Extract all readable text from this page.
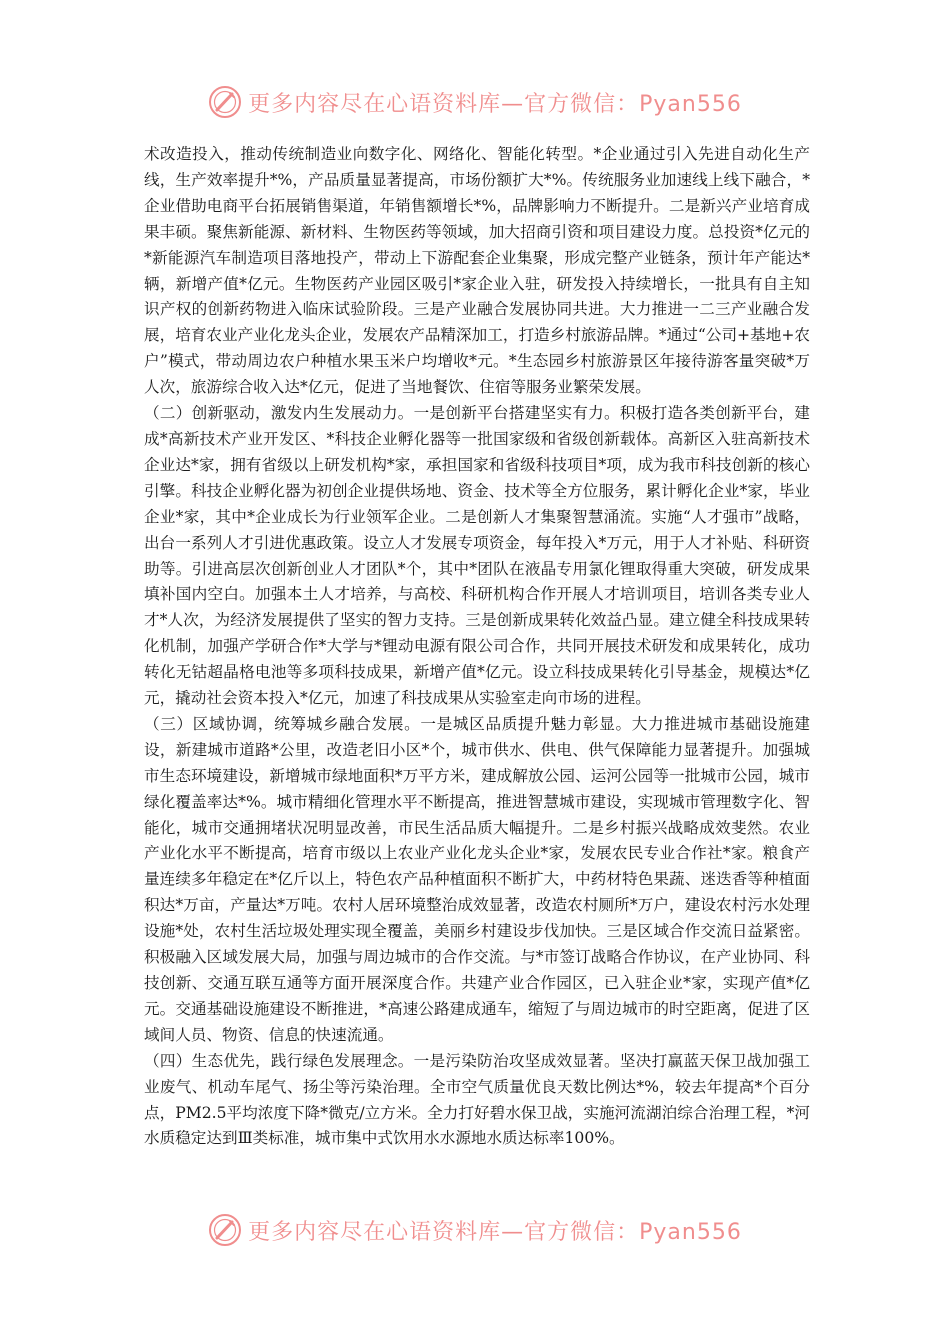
更多内容尽在心语资料库—官方微信：Pyan556

术改造投入，推动传统制造业向数字化、网络化、智能化转型。*企业通过引入先进自动化生产线，生产效率提升*%，产品质量显著提高，市场份额扩大*%。传统服务业加速线上线下融合，*企业借助电商平台拓展销售渠道，年销售额增长*%，品牌影响力不断提升。二是新兴产业培育成果丰硕。聚焦新能源、新材料、生物医药等领域，加大招商引资和项目建设力度。总投资*亿元的*新能源汽车制造项目落地投产，带动上下游配套企业集聚，形成完整产业链条，预计年产能达*辆，新增产值*亿元。生物医药产业园区吸引*家企业入驻，研发投入持续增长，一批具有自主知识产权的创新药物进入临床试验阶段。三是产业融合发展协同共进。大力推进一二三产业融合发展，培育农业产业化龙头企业，发展农产品精深加工，打造乡村旅游品牌。*通过“公司+基地+农户”模式，带动周边农户种植水果玉米户均增收*元。*生态园乡村旅游景区年接待游客量突破*万人次，旅游综合收入达*亿元，促进了当地餐饮、住宿等服务业繁荣发展。

（二）创新驱动，激发内生发展动力。一是创新平台搭建坚实有力。积极打造各类创新平台，建成*高新技术产业开发区、*科技企业孵化器等一批国家级和省级创新载体。高新区入驻高新技术企业达*家，拥有省级以上研发机构*家，承担国家和省级科技项目*项，成为我市科技创新的核心引擎。科技企业孵化器为初创企业提供场地、资金、技术等全方位服务，累计孵化企业*家，毕业企业*家，其中*企业成长为行业领军企业。二是创新人才集聚智慧涌流。实施“人才强市”战略，出台一系列人才引进优惠政策。设立人才发展专项资金，每年投入*万元，用于人才补贴、科研资助等。引进高层次创新创业人才团队*个，其中*团队在液晶专用氯化锂取得重大突破，研发成果填补国内空白。加强本土人才培养，与高校、科研机构合作开展人才培训项目，培训各类专业人才*人次，为经济发展提供了坚实的智力支持。三是创新成果转化效益凸显。建立健全科技成果转化机制，加强产学研合作*大学与*锂动电源有限公司合作，共同开展技术研发和成果转化，成功转化无钴超晶格电池等多项科技成果，新增产值*亿元。设立科技成果转化引导基金，规模达*亿元，撬动社会资本投入*亿元，加速了科技成果从实验室走向市场的进程。

（三）区域协调，统筹城乡融合发展。一是城区品质提升魅力彰显。大力推进城市基础设施建设，新建城市道路*公里，改造老旧小区*个，城市供水、供电、供气保障能力显著提升。加强城市生态环境建设，新增城市绿地面积*万平方米，建成解放公园、运河公园等一批城市公园，城市绿化覆盖率达*%。城市精细化管理水平不断提高，推进智慧城市建设，实现城市管理数字化、智能化，城市交通拥堵状况明显改善，市民生活品质大幅提升。二是乡村振兴战略成效斐然。农业产业化水平不断提高，培育市级以上农业产业化龙头企业*家，发展农民专业合作社*家。粮食产量连续多年稳定在*亿斤以上，特色农产品种植面积不断扩大，中药材特色果蔬、迷迭香等种植面积达*万亩，产量达*万吨。农村人居环境整治成效显著，改造农村厕所*万户，建设农村污水处理设施*处，农村生活垃圾处理实现全覆盖，美丽乡村建设步伐加快。三是区域合作交流日益紧密。积极融入区域发展大局，加强与周边城市的合作交流。与*市签订战略合作协议，在产业协同、科技创新、交通互联互通等方面开展深度合作。共建产业合作园区，已入驻企业*家，实现产值*亿元。交通基础设施建设不断推进，*高速公路建成通车，缩短了与周边城市的时空距离，促进了区域间人员、物资、信息的快速流通。

（四）生态优先，践行绿色发展理念。一是污染防治攻坚成效显著。坚决打赢蓝天保卫战加强工业废气、机动车尾气、扬尘等污染治理。全市空气质量优良天数比例达*%，较去年提高*个百分点，PM2.5平均浓度下降*微克/立方米。全力打好碧水保卫战，实施河流湖泊综合治理工程，*河水质稳定达到Ⅲ类标准，城市集中式饮用水水源地水质达标率100%。

更多内容尽在心语资料库—官方微信：Pyan556
